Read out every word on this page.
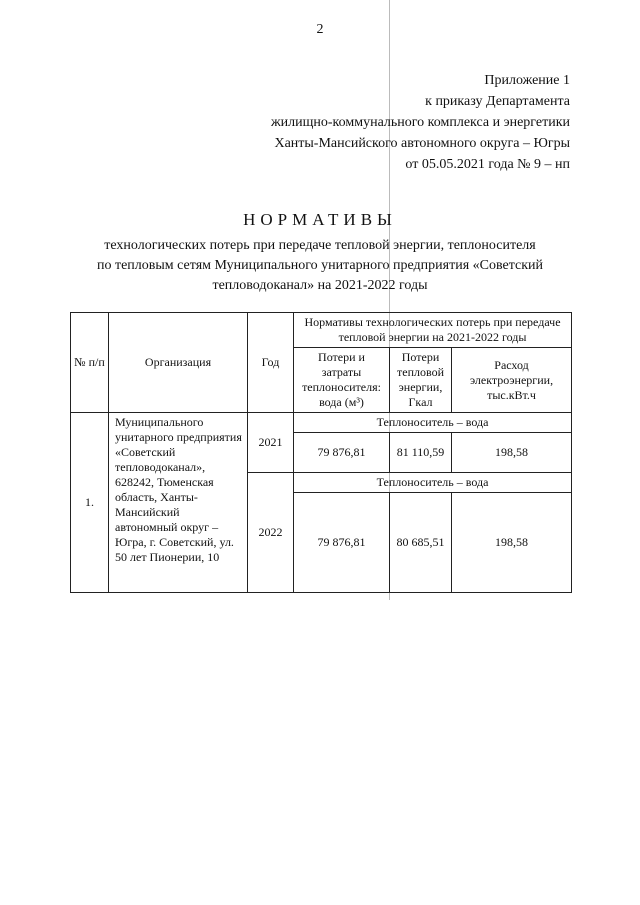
2
Приложение 1
к приказу Департамента
жилищно-коммунального комплекса и энергетики
Ханты-Мансийского автономного округа – Югры
от 05.05.2021 года № 9 – нп
НОРМАТИВЫ
технологических потерь при передаче тепловой энергии, теплоносителя
по тепловым сетям Муниципального унитарного предприятия «Советский
тепловодоканал» на 2021-2022 годы
№ п/п	Организация	Год	Нормативы технологических потерь при передаче тепловой энергии на 2021-2022 годы		
			Потери и затраты теплоносителя: вода (м³)	Потери тепловой энергии, Гкал	Расход электроэнергии, тыс.кВт.ч
1.	Муниципального унитарного предприятия «Советский тепловодоканал», 628242, Тюменская область, Ханты-Мансийский автономный округ – Югра, г. Советский, ул. 50 лет Пионерии, 10	2021	Теплоноситель – вода		
			79 876,81	81 110,59	198,58
		2022	Теплоноситель – вода		
			79 876,81	80 685,51	198,58
